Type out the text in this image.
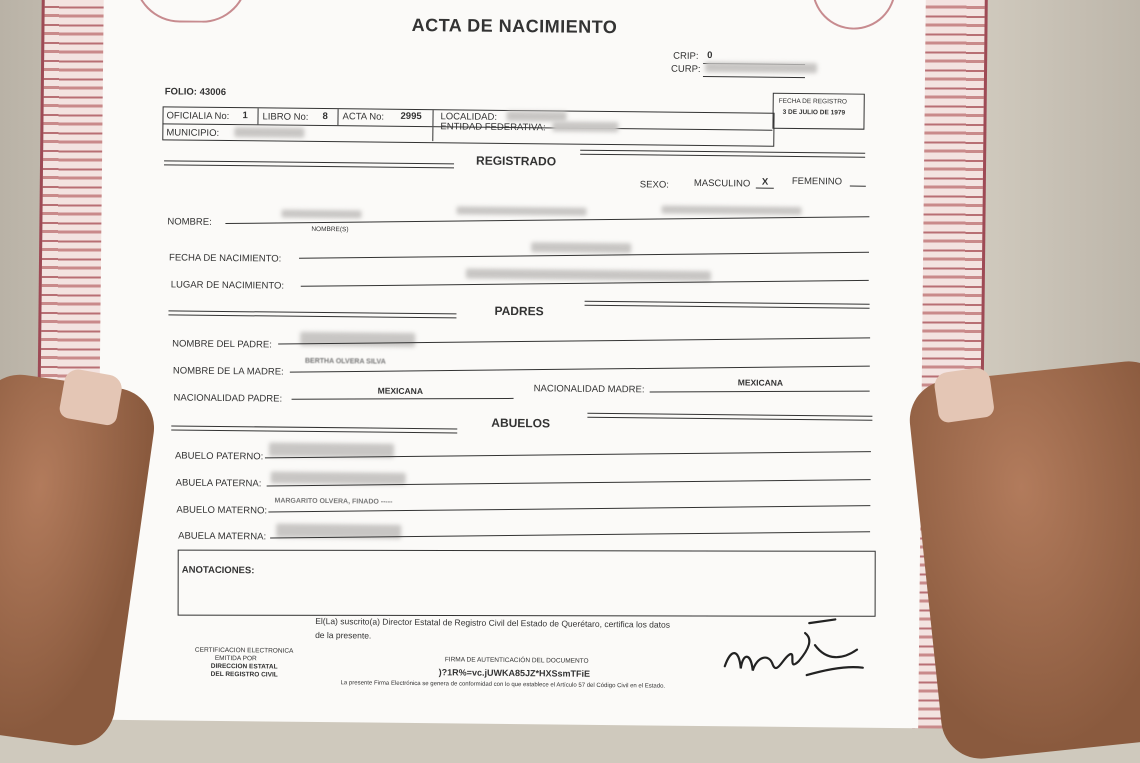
ACTA DE NACIMIENTO
CRIP: 0
CURP:
FOLIO: 43006
FECHA DE REGISTRO
3 DE JULIO DE 1979
OFICIALIA No: 1 LIBRO No: 8 ACTA No: 2995 LOCALIDAD:
MUNICIPIO:	ENTIDAD FEDERATIVA:
REGISTRADO
SEXO:	MASCULINO X FEMENINO
NOMBRE:
NOMBRE(S)
FECHA DE NACIMIENTO:
LUGAR DE NACIMIENTO:
PADRES
NOMBRE DEL PADRE:
NOMBRE DE LA MADRE:
BERTHA OLVERA SILVA
NACIONALIDAD PADRE:
MEXICANA	NACIONALIDAD MADRE:
MEXICANA
ABUELOS
ABUELO PATERNO:
ABUELA PATERNA:
ABUELO MATERNO:
MARGARITO OLVERA, FINADO -----
ABUELA MATERNA:
ANOTACIONES:
El(La) suscrito(a) Director Estatal de Registro Civil del Estado de Querétaro, certifica los datos
de la presente.
CERTIFICACION ELECTRONICA
EMITIDA POR
DIRECCION ESTATAL
DEL REGISTRO CIVIL
FIRMA DE AUTENTICACIÓN DEL DOCUMENTO
)?1R%=vc.jUWKA85JZ*HXSsmTFiE
La presente Firma Electrónica se genera de conformidad con lo que establece el Artículo 57 del Código Civil en el Estado.
